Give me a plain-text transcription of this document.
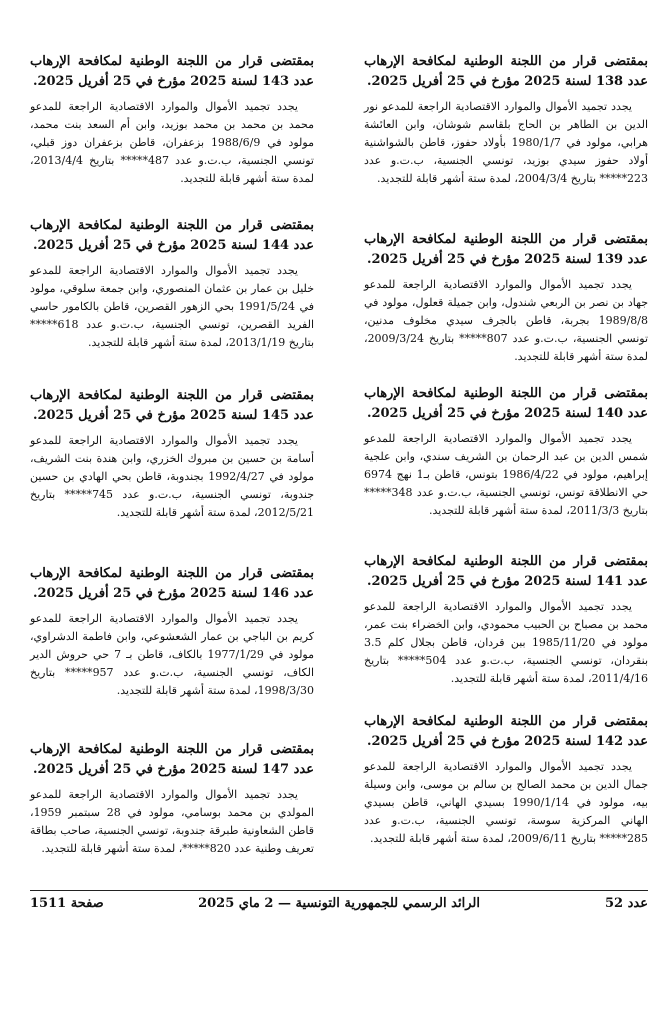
بمقتضى قرار من اللجنة الوطنية لمكافحة الإرهاب عدد 138 لسنة 2025 مؤرخ في 25 أفريل 2025.

يجدد تجميد الأموال والموارد الاقتصادية الراجعة للمدعو نور الدين بن الطاهر بن الحاج بلقاسم شوشان، وابن العائشة هرابي، مولود في 1980/1/7 بأولاد حفوز، قاطن بالشواشنية أولاد حفوز سيدي بوزيد، تونسي الجنسية، ب.ت.و عدد 223***** بتاريخ 2004/3/4، لمدة ستة أشهر قابلة للتجديد.

بمقتضى قرار من اللجنة الوطنية لمكافحة الإرهاب عدد 139 لسنة 2025 مؤرخ في 25 أفريل 2025.

يجدد تجميد الأموال والموارد الاقتصادية الراجعة للمدعو جهاد بن نصر بن الربعي شندول، وابن جميلة قعلول، مولود في 1989/8/8 بجربة، قاطن بالجرف سيدي مخلوف مدنين، تونسي الجنسية، ب.ت.و عدد 807***** بتاريخ 2009/3/24، لمدة ستة أشهر قابلة للتجديد.

بمقتضى قرار من اللجنة الوطنية لمكافحة الإرهاب عدد 140 لسنة 2025 مؤرخ في 25 أفريل 2025.

يجدد تجميد الأموال والموارد الاقتصادية الراجعة للمدعو شمس الدين بن عبد الرحمان بن الشريف سندي، وابن علجية إبراهيم، مولود في 1986/4/22 بتونس، قاطن بـ1 نهج 6974 حي الانطلاقة تونس، تونسي الجنسية، ب.ت.و عدد 348***** بتاريخ 2011/3/3، لمدة ستة أشهر قابلة للتجديد.

بمقتضى قرار من اللجنة الوطنية لمكافحة الإرهاب عدد 141 لسنة 2025 مؤرخ في 25 أفريل 2025.

يجدد تجميد الأموال والموارد الاقتصادية الراجعة للمدعو محمد بن مصباح بن الحبيب محمودي، وابن الخضراء بنت عمر، مولود في 1985/11/20 ببن قردان، قاطن بجلال كلم 3.5 بنقردان، تونسي الجنسية، ب.ت.و عدد 504***** بتاريخ 2011/4/16، لمدة ستة أشهر قابلة للتجديد.

بمقتضى قرار من اللجنة الوطنية لمكافحة الإرهاب عدد 142 لسنة 2025 مؤرخ في 25 أفريل 2025.

يجدد تجميد الأموال والموارد الاقتصادية الراجعة للمدعو جمال الدين بن محمد الصالح بن سالم بن موسى، وابن وسيلة بيه، مولود في 1990/1/14 بسيدي الهاني، قاطن بسيدي الهاني المركزية سوسة، تونسي الجنسية، ب.ت.و عدد 285***** بتاريخ 2009/6/11، لمدة ستة أشهر قابلة للتجديد.

بمقتضى قرار من اللجنة الوطنية لمكافحة الإرهاب عدد 143 لسنة 2025 مؤرخ في 25 أفريل 2025.

يجدد تجميد الأموال والموارد الاقتصادية الراجعة للمدعو محمد بن محمد بن محمد بوزيد، وابن أم السعد بنت محمد، مولود في 1988/6/9 بزعفران، قاطن بزعفران دوز قبلي، تونسي الجنسية، ب.ت.و عدد 487***** بتاريخ 2013/4/4، لمدة ستة أشهر قابلة للتجديد.

بمقتضى قرار من اللجنة الوطنية لمكافحة الإرهاب عدد 144 لسنة 2025 مؤرخ في 25 أفريل 2025.

يجدد تجميد الأموال والموارد الاقتصادية الراجعة للمدعو خليل بن عمار بن عثمان المنصوري، وابن جمعة سلوقي، مولود في 1991/5/24 بحي الزهور القصرين، قاطن بالكامور حاسي الفريد القصرين، تونسي الجنسية، ب.ت.و عدد 618***** بتاريخ 2013/1/19، لمدة ستة أشهر قابلة للتجديد.

بمقتضى قرار من اللجنة الوطنية لمكافحة الإرهاب عدد 145 لسنة 2025 مؤرخ في 25 أفريل 2025.

يجدد تجميد الأموال والموارد الاقتصادية الراجعة للمدعو أسامة بن حسين بن مبروك الخزري، وابن هندة بنت الشريف، مولود في 1992/4/27 بجندوبة، قاطن بحي الهادي بن حسين جندوبة، تونسي الجنسية، ب.ت.و عدد 745***** بتاريخ 2012/5/21، لمدة ستة أشهر قابلة للتجديد.

بمقتضى قرار من اللجنة الوطنية لمكافحة الإرهاب عدد 146 لسنة 2025 مؤرخ في 25 أفريل 2025.

يجدد تجميد الأموال والموارد الاقتصادية الراجعة للمدعو كريم بن الباجي بن عمار الشعشوعي، وابن فاطمة الدشراوي، مولود في 1977/1/29 بالكاف، قاطن بـ 7 حي حروش الدير الكاف، تونسي الجنسية، ب.ت.و عدد 957***** بتاريخ 1998/3/30، لمدة ستة أشهر قابلة للتجديد.

بمقتضى قرار من اللجنة الوطنية لمكافحة الإرهاب عدد 147 لسنة 2025 مؤرخ في 25 أفريل 2025.

يجدد تجميد الأموال والموارد الاقتصادية الراجعة للمدعو المولدي بن محمد بوسامي، مولود في 28 سبتمبر 1959، قاطن الشعاونية طبرقة جندوبة، تونسي الجنسية، صاحب بطاقة تعريف وطنية عدد 820*****، لمدة ستة أشهر قابلة للتجديد.

عدد 52
الرائد الرسمي للجمهورية التونسية — 2 ماي 2025
صفحة 1511
